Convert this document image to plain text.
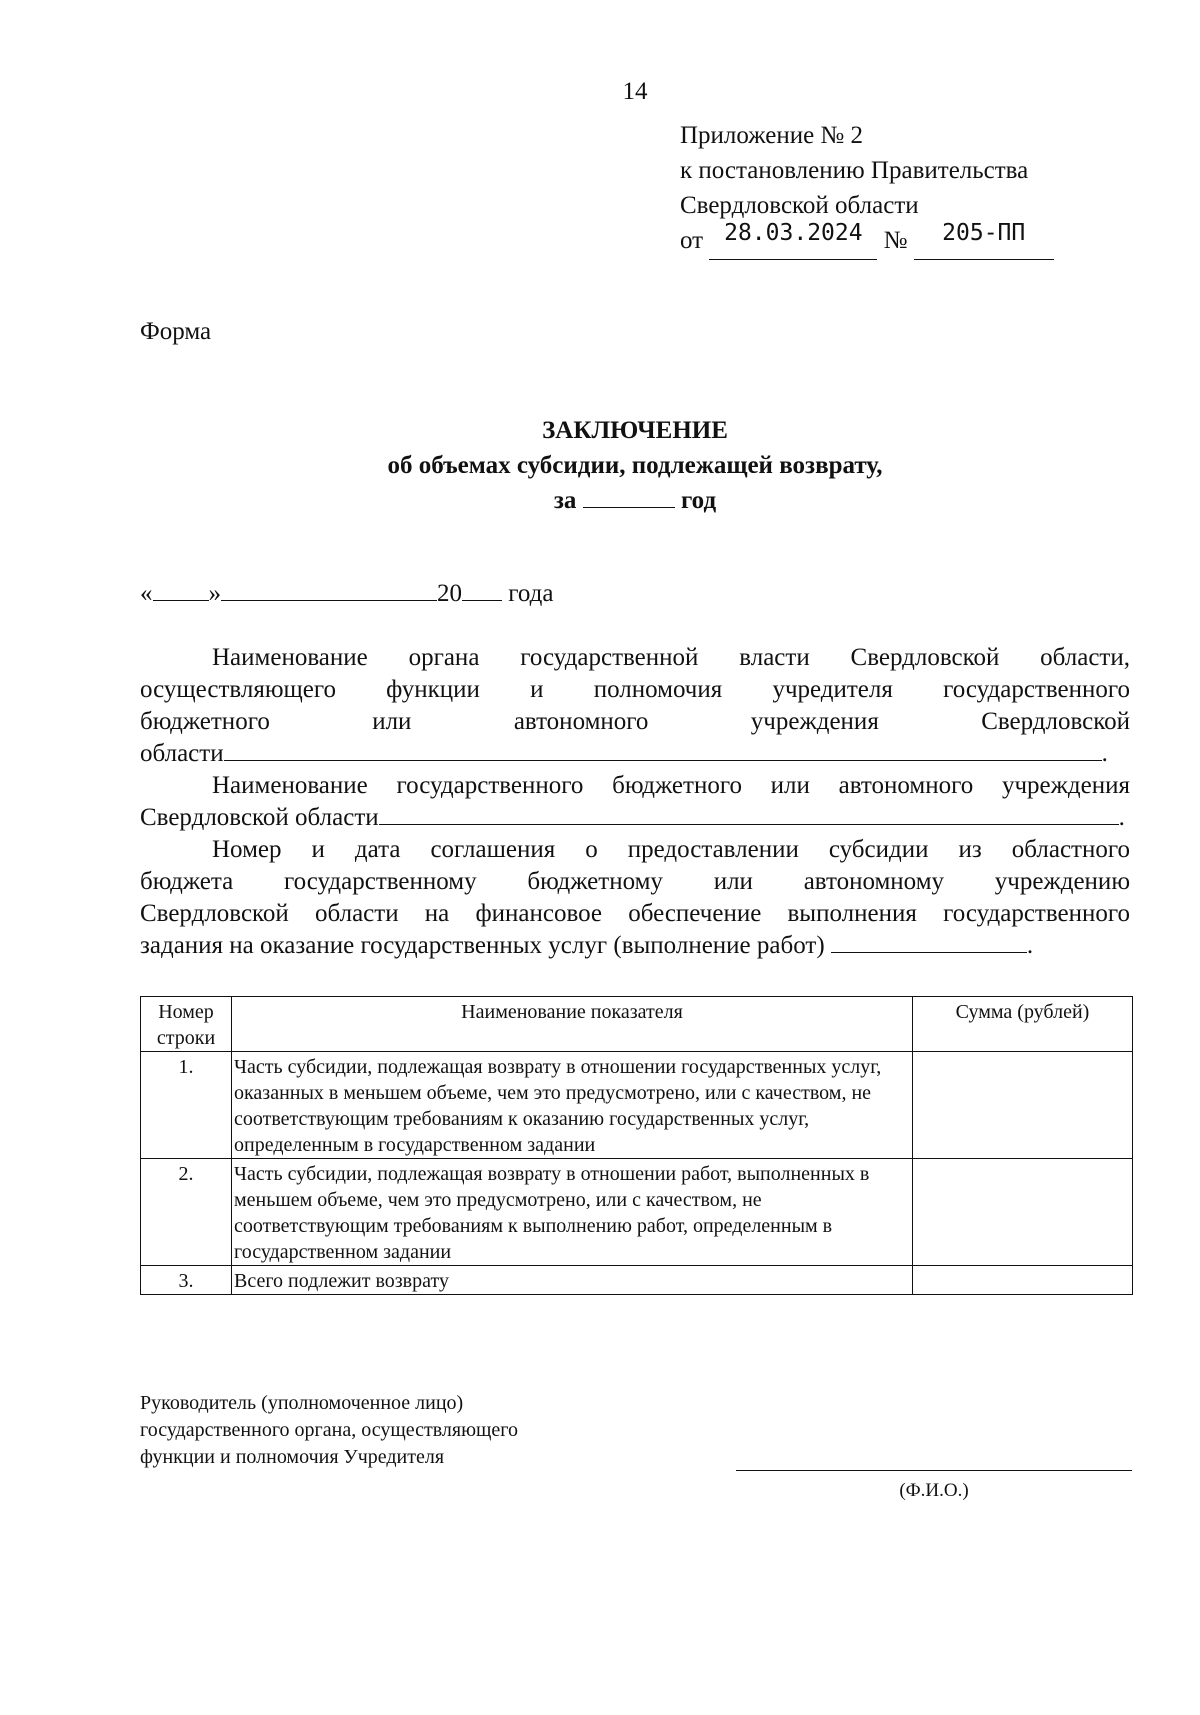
14
Приложение № 2
к постановлению Правительства
Свердловской области
от 28.03.2024 № 205-ПП
Форма
ЗАКЛЮЧЕНИЕ
об объемах субсидии, подлежащей возврату,
за	год
« »	20 года
Наименование органа государственной власти Свердловской области,
осуществляющего функции и полномочия учредителя государственного
бюджетного или автономного учреждения Свердловской
области	.
Наименование государственного бюджетного или автономного учреждения
Свердловской области	.
Номер и дата соглашения о предоставлении субсидии из областного
бюджета государственному бюджетному или автономному учреждению
Свердловской области на финансовое обеспечение выполнения государственного
задания на оказание государственных услуг (выполнение работ)	.
Номер строки	Наименование показателя	Сумма (рублей)
1.	Часть субсидии, подлежащая возврату в отношении государственных услуг, оказанных в меньшем объеме, чем это предусмотрено, или с качеством, не соответствующим требованиям к оказанию государственных услуг, определенным в государственном задании	
2.	Часть субсидии, подлежащая возврату в отношении работ, выполненных в меньшем объеме, чем это предусмотрено, или с качеством, не соответствующим требованиям к выполнению работ, определенным в государственном задании	
3.	Всего подлежит возврату	
Руководитель (уполномоченное лицо)
государственного органа, осуществляющего
функции и полномочия Учредителя
(Ф.И.О.)
